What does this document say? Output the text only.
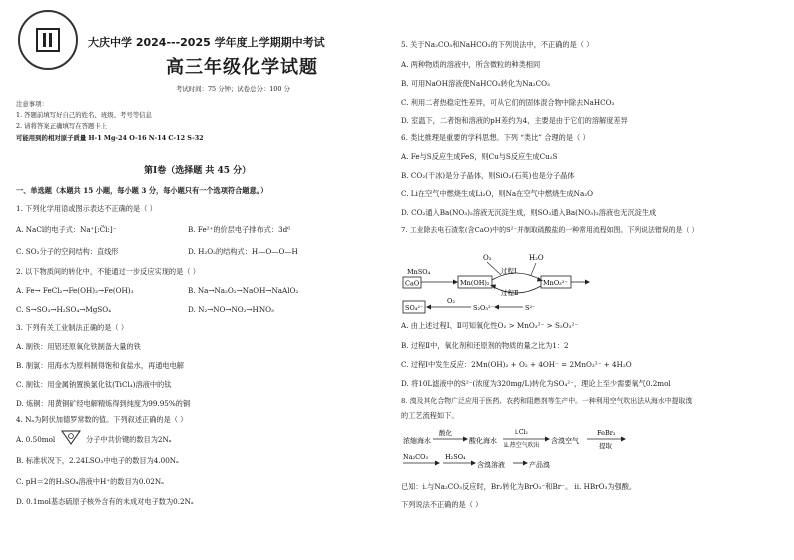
大庆中学 2024---2025 学年度上学期期中考试
高三年级化学试题
考试时间：75 分钟；试卷总分：100 分
注意事项：
1. 答题前填写好自己的姓名、班级、考号等信息
2. 请将答案正确填写在答题卡上
可能用到的相对原子质量 H-1 Mg-24 O-16 N-14 C-12 S-32
第Ⅰ卷（选择题 共 45 分）
一、单选题（本题共 15 小题，每小题 3 分，每小题只有一个选项符合题意。）
1. 下列化学用语或图示表达不正确的是（ ）
A. NaCl的电子式：Na⁺[:C̈l:]⁻	B. Fe²⁺的价层电子排布式：3d⁶
C. SO₂分子的空间结构：直线形	D. H₂O₂的结构式：H—O—O—H
2. 以下物质间的转化中，不能通过一步反应实现的是（ ）
A. Fe→ FeCl₂→Fe(OH)₂→Fe(OH)₃	B. Na→Na₂O₂→NaOH→NaAlO₂
C. S→SO₃→H₂SO₄→MgSO₄	D. N₂→NO→NO₂→HNO₃
3. 下列有关工业制法正确的是（ ）
A. 制铁：用铝还原氧化铁制备大量的铁
B. 制氯：用海水为原料制得饱和食盐水，再通电电解
C. 制钛：用金属钠置换氯化钛(TiCl₄)溶液中的钛
D. 炼铜：用黄铜矿经电解精炼得到纯度为99.95%的铜
4. Nₐ为阿伏加德罗常数的值。下列叙述正确的是（ ）
A. 0.50mol	分子中共价键的数目为2Nₐ
B. 标准状况下，2.24LSO₃中电子的数目为4.00Nₐ
C. pH＝2的H₂SO₄溶液中H⁺的数目为0.02Nₐ
D. 0.1mol基态硫原子核外含有的未成对电子数为0.2Nₐ
5. 关于Na₂CO₃和NaHCO₃的下列说法中，不正确的是（ ）
A. 两种物质的溶液中，所含微粒的种类相同
B. 可用NaOH溶液使NaHCO₃转化为Na₂CO₃
C. 利用二者热稳定性差异，可从它们的固体混合物中除去NaHCO₃
D. 室温下，二者饱和溶液的pH差约为4，主要是由于它们的溶解度差异
6. 类比推理是重要的学科思想。下列 “类比” 合理的是（ ）
A. Fe与S反应生成FeS，则Cu与S反应生成Cu₂S
B. CO₂(干冰)是分子晶体，则SiO₂(石英)也是分子晶体
C. Li在空气中燃烧生成Li₂O，则Na在空气中燃烧生成Na₂O
D. CO₂通入Ba(NO₃)₂溶液无沉淀生成，则SO₂通入Ba(NO₃)₂溶液也无沉淀生成
7. 工业除去电石渣浆(含CaO)中的S²⁻并制取硫酸盐的一种常用流程如图。下列说法错误的是（ ）
O₂	H₂O
MnSO₄	过程Ⅰ
CaO	Mn(OH)₂
过程Ⅱ
MnO₃²⁻
SO₄²⁻
O₂
S₂O₃²⁻	S²⁻
A. 由上述过程Ⅰ、Ⅱ可知氧化性O₂ > MnO₃²⁻ > S₂O₃²⁻
B. 过程Ⅱ中，氧化剂和还原剂的物质的量之比为1：2
C. 过程Ⅰ中发生反应：2Mn(OH)₂ + O₂ + 4OH⁻ = 2MnO₃²⁻ + 4H₂O
D. 将10L滤液中的S²⁻(浓度为320mg/L)转化为SO₄²⁻，理论上至少需要氧气0.2mol
8. 溴及其化合物广泛应用于医药、农药和阻燃剂等生产中。一种利用空气吹出法从海水中提取溴
的工艺流程如下。
浓缩海水
酸化
酸化海水
i.Cl₂
ii.热空气吹出
含溴空气
FeBr₂
提取
Na₂CO₃	H₂SO₄
含溴溶液	产品溴
已知：i.与Na₂CO₃反应时，Br₂转化为BrO₃⁻和Br⁻。 ii. HBrO₃为强酸。
下列说法不正确的是（ ）
